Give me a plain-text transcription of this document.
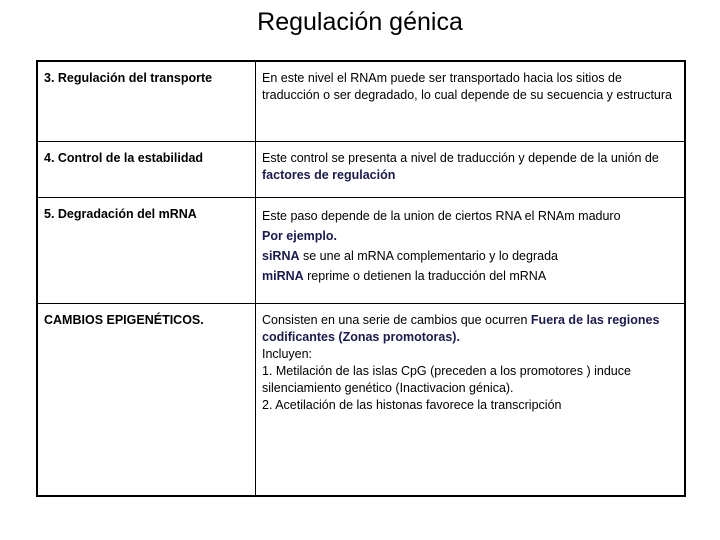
Regulación génica
3. Regulación del transporte	En este nivel el RNAm puede ser transportado hacia los sitios de traducción o ser degradado, lo cual depende de su secuencia y estructura
4. Control de la estabilidad	Este control se presenta a nivel de traducción y depende de la unión de factores de regulación
5. Degradación del mRNA	Este paso depende de la union de ciertos RNA el RNAm maduro
Por ejemplo.
siRNA se une al mRNA complementario y lo degrada
miRNA reprime o detienen la traducción del mRNA

CAMBIOS EPIGENÉTICOS.	Consisten en una serie de cambios que ocurren Fuera de las regiones codificantes (Zonas promotoras).
Incluyen:
1. Metilación de las islas CpG (preceden a los promotores ) induce silenciamiento genético (Inactivacion génica).
2. Acetilación de las histonas favorece la transcripción
